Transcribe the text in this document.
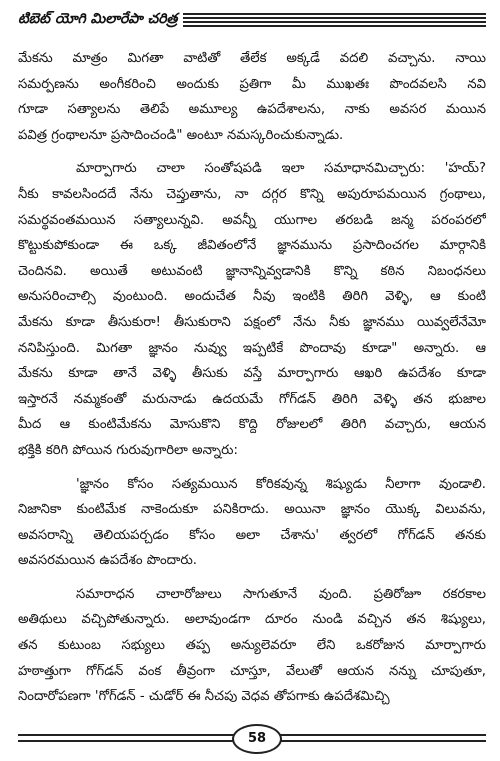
టిబెట్ యోగి మిలారేపా చరిత్ర
మేకను మాత్రం మిగతా వాటితో తేలేక అక్కడే వదలి వచ్చాను. నాయి
సమర్పణను అంగీకరించి అందుకు ప్రతిగా మీ ముఖతః పొందవలసి నవి
గూడా సత్యాలను తెలిపే అమూల్య ఉపదేశాలను, నాకు అవసర మయిన
పవిత్ర గ్రంథాలనూ ప్రసాదించండి" అంటూ నమస్కరించుకున్నాడు.
మార్పాగారు చాలా సంతోషపడి ఇలా సమాధానమిచ్చారు: 'హయ్?
నీకు కావలసిందదే నేను చెప్తుతాను, నా దగ్గర కొన్ని అపురూపమయిన గ్రంథాలు,
సమర్థవంతమయిన సత్యాలున్నవి. అవన్నీ యుగాల తరబడి జన్మ పరంపరలో
కొట్టుకుపోకుండా ఈ ఒక్క జీవితంలోనే జ్ఞానమును ప్రసాదించగల మార్గానికి
చెందినవి. అయితే అటువంటి జ్ఞానాన్నివ్వడానికి కొన్ని కఠిన నిబంధనలు
అనుసరించాల్సి వుంటుంది. అందుచేత నీవు ఇంటికి తిరిగి వెళ్ళి, ఆ కుంటి
మేకను కూడా తీసుకురా! తీసుకురాని పక్షంలో నేను నీకు జ్ఞానము యివ్వలేనేమో
ననిపిస్తుంది. మిగతా జ్ఞానం నువ్వు ఇప్పటికే పొందావు కూడా" అన్నారు. ఆ
మేకను కూడా తానే వెళ్ళి తీసుకు వస్తే మార్పాగారు ఆఖరి ఉపదేశం కూడా
ఇస్తారనే నమ్మకంతో మరునాడు ఉదయమే గోగ్‌డన్ తిరిగి వెళ్ళి తన భుజాల
మీద ఆ కుంటిమేకను మోసుకొని కొద్ది రోజులలో తిరిగి వచ్చారు, ఆయన
భక్తికి కరిగి పోయిన గురువుగారిలా అన్నారు:
'జ్ఞానం కోసం సత్యమయిన కోరికవున్న శిష్యుడు నీలాగా వుండాలి.
నిజానికా కుంటిమేక నాకెందుకూ పనికిరాదు. అయినా జ్ఞానం యొక్క విలువను,
అవసరాన్ని తెలియపర్చడం కోసం అలా చేశాను' త్వరలో గోగ్‌డన్ తనకు
అవసరమయిన ఉపదేశం పొందారు.
సమారాధన చాలారోజులు సాగుతూనే వుంది. ప్రతిరోజూ రకరకాల
అతిథులు వచ్చిపోతున్నారు. అలావుండగా దూరం నుండి వచ్చిన తన శిష్యులు,
తన కుటుంబ సభ్యులు తప్ప అన్యులెవరూ లేని ఒకరోజున మార్పాగారు
హఠాత్తుగా గోగ్‌డన్ వంక తీవ్రంగా చూస్తూ, వేలుతో ఆయన నన్ను చూపుతూ,
నిందారోపణగా 'గోగ్‌డన్ - చుడోర్ ఈ నీచపు వెధవ తోపగాకు ఉపదేశమిచ్చి
58
